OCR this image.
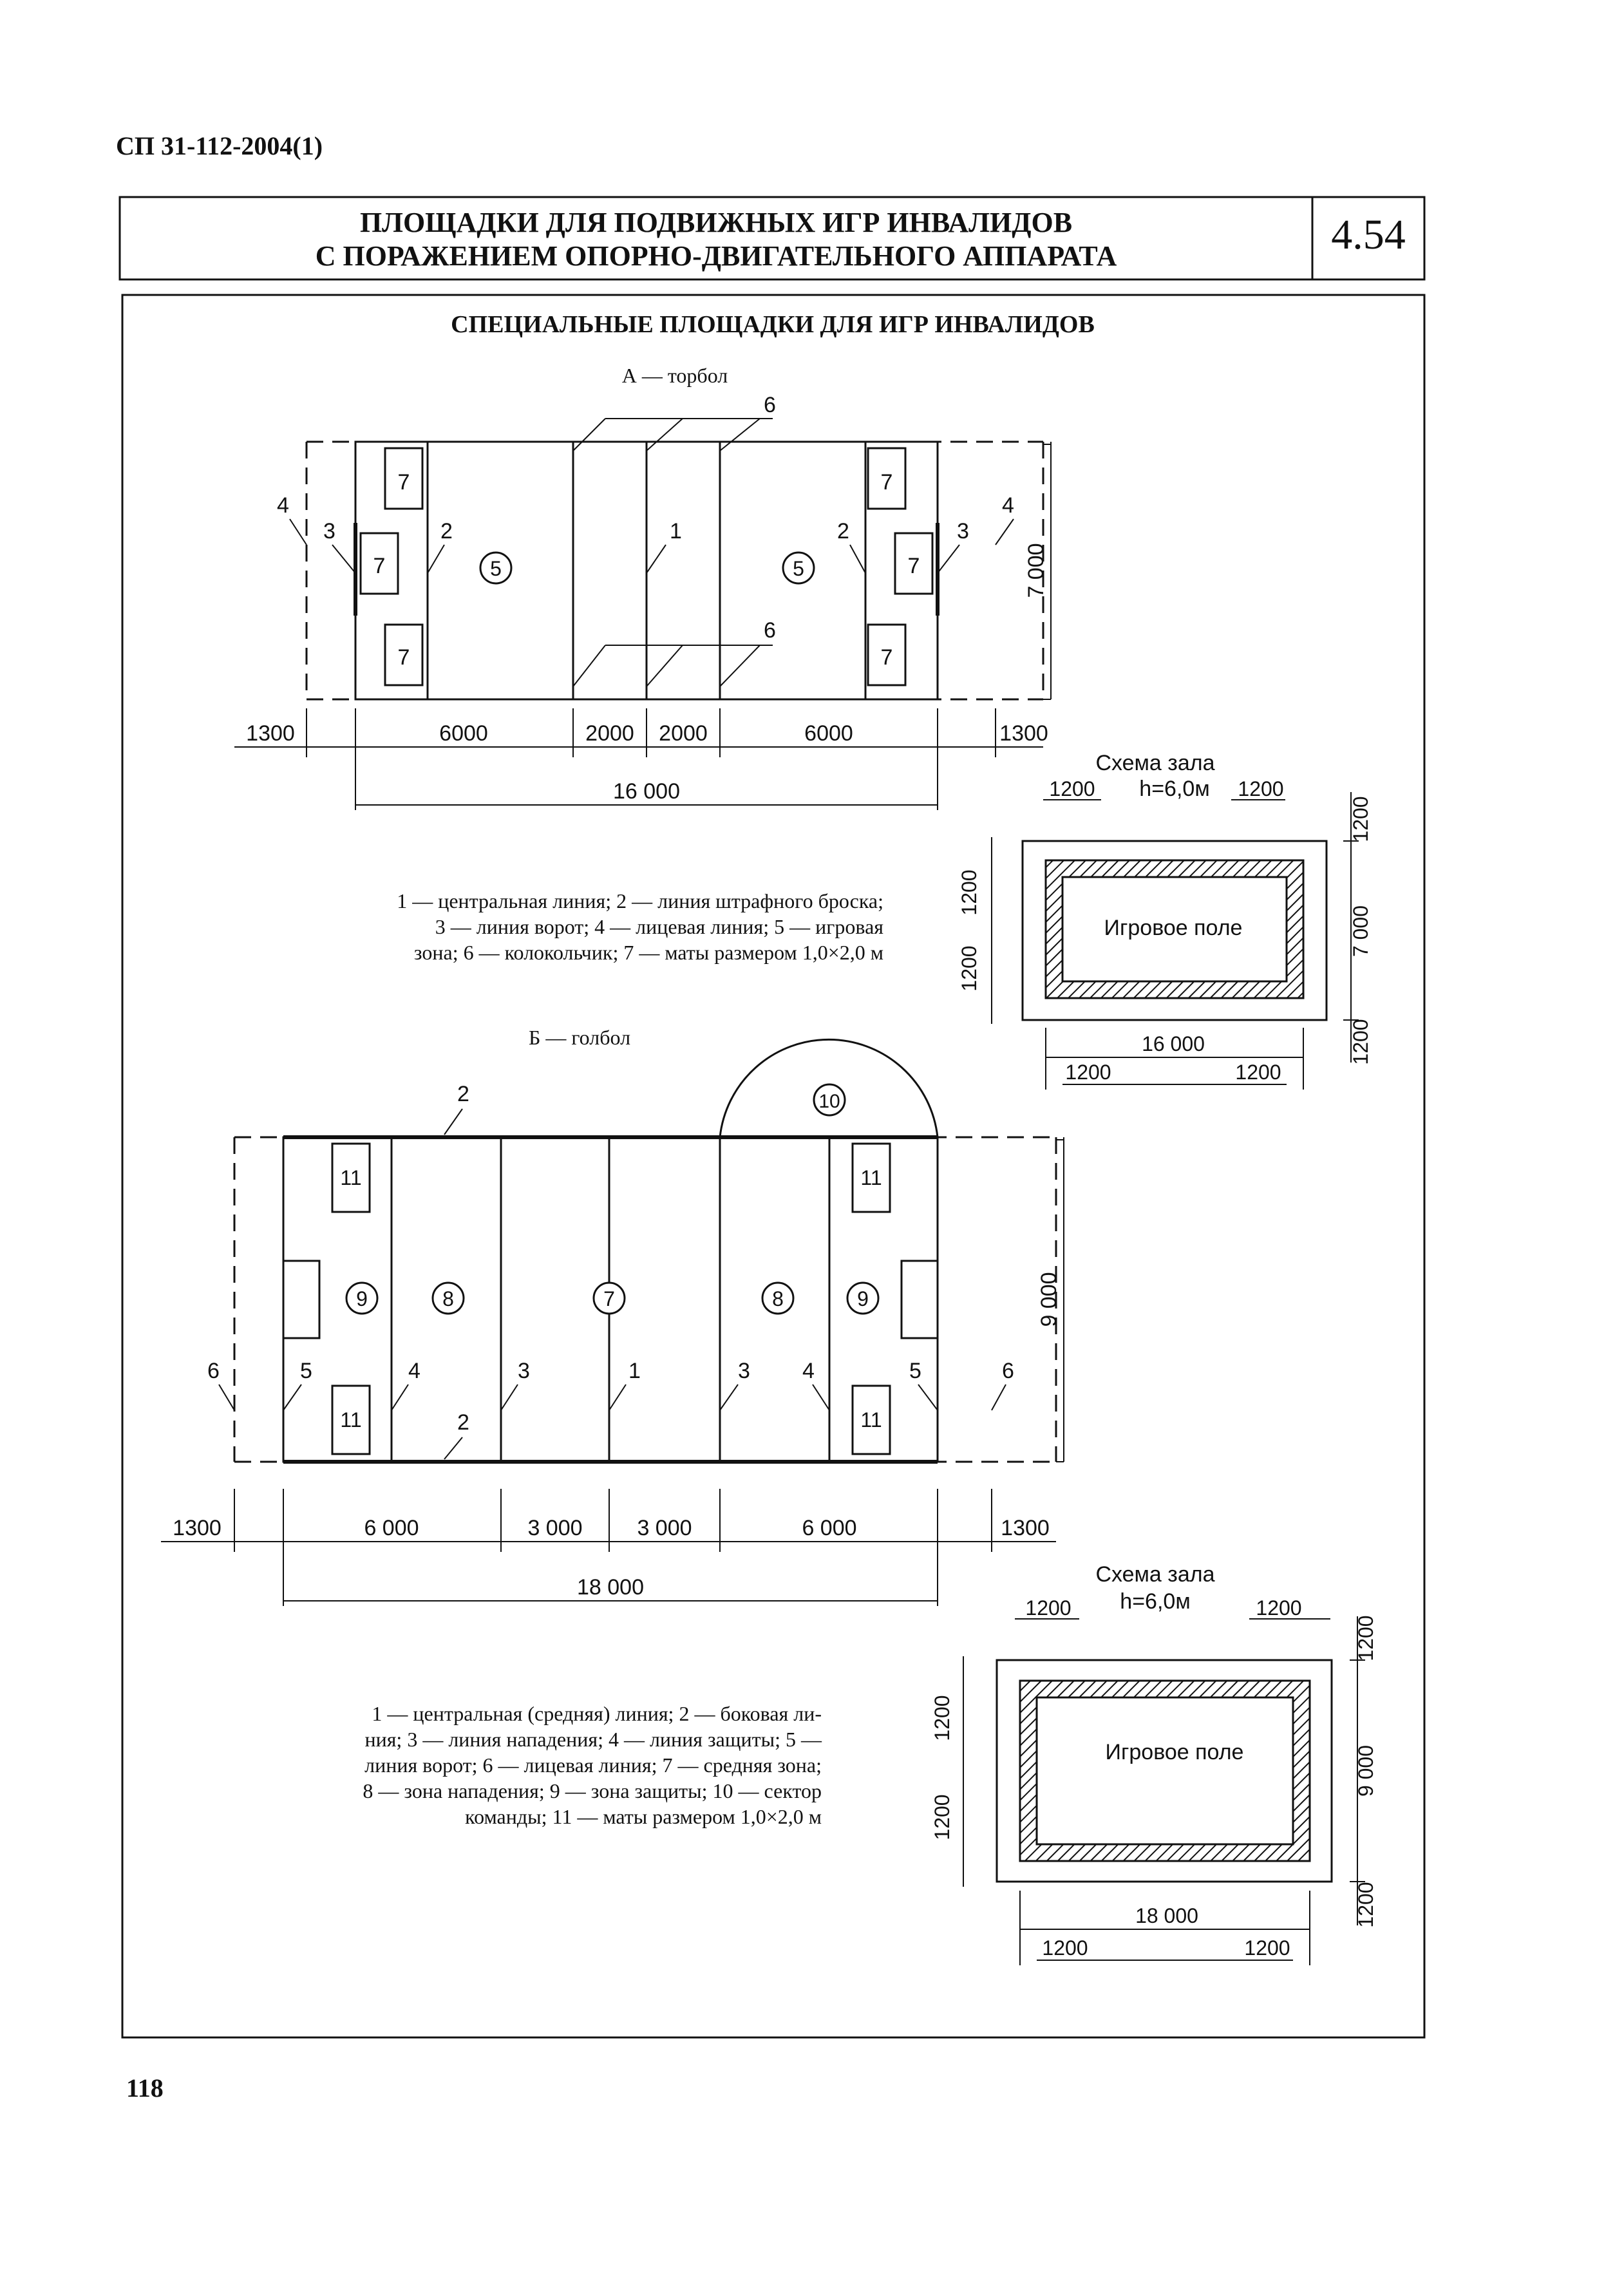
СП 31-112-2004(1)
ПЛОЩАДКИ ДЛЯ ПОДВИЖНЫХ ИГР ИНВАЛИДОВ
С ПОРАЖЕНИЕМ ОПОРНО-ДВИГАТЕЛЬНОГО АППАРАТА	4.54
СПЕЦИАЛЬНЫЕ ПЛОЩАДКИ ДЛЯ ИГР ИНВАЛИДОВ
А — торбол
7
7
7
7
7
7
5	5
1
2	2
3	3
4	4
6
6
7 000
1300	6000	2000 2000	6000	1300
16 000
1 — центральная линия; 2 — линия штрафного броска;
3 — линия ворот; 4 — лицевая линия; 5 — игровая
зона; 6 — колокольчик; 7 — маты размером 1,0×2,0 м
Схема зала
h=6,0м
1200	1200
Игровое поле
1200
7 000
1200
1200
1200
16 000
1200	1200
Б — голбол
10
11
11
11
11
9	8	7	8	9
2
2
5	5
4	4
3	3
1
6	6
9 000
1300	6 000	3 000 3 000	6 000	1300
18 000
1 — центральная (средняя) линия; 2 — боковая ли-
ния; 3 — линия нападения; 4 — линия защиты; 5 —
линия ворот; 6 — лицевая линия; 7 — средняя зона;
8 — зона нападения; 9 — зона защиты; 10 — сектор
команды; 11 — маты размером 1,0×2,0 м
Схема зала
h=6,0м
1200	1200
Игровое поле
1200
9 000
1200
1200
1200
18 000
1200	1200
118
